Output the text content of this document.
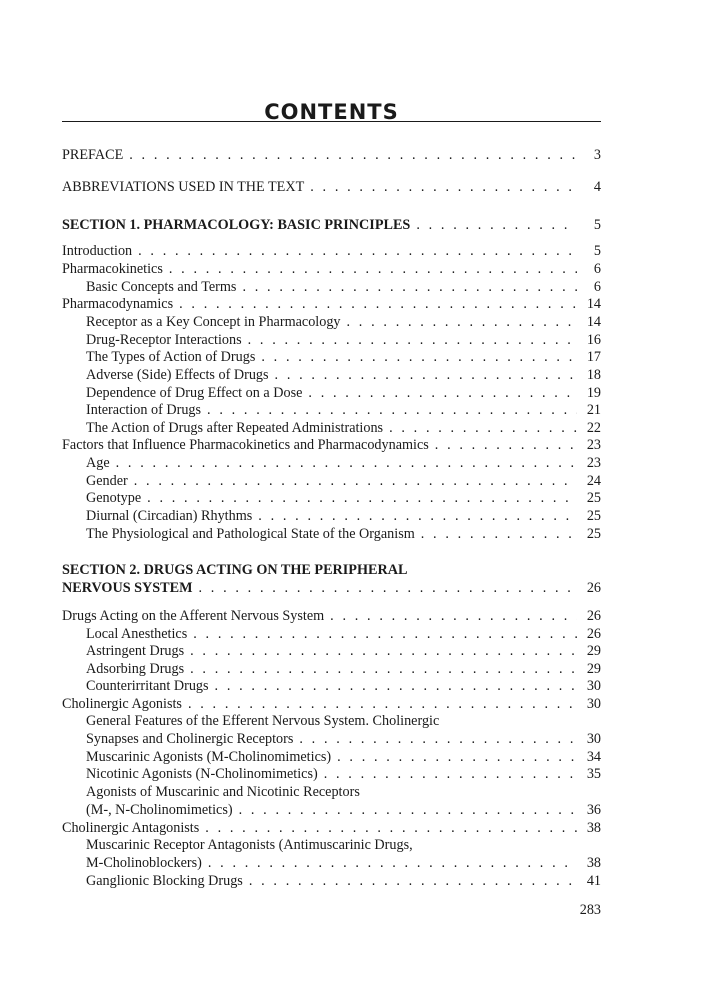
CONTENTS
PREFACE . . .	3
ABBREVIATIONS USED IN THE TEXT . . .	4
SECTION 1. PHARMACOLOGY: BASIC PRINCIPLES . . .	5
Introduction . . .	5
Pharmacokinetics . . .	6
Basic Concepts and Terms . . .	6
Pharmacodynamics . . .	14
Receptor as a Key Concept in Pharmacology . . .	14
Drug-Receptor Interactions . . .	16
The Types of Action of Drugs . . .	17
Adverse (Side) Effects of Drugs . . .	18
Dependence of Drug Effect on a Dose . . .	19
Interaction of Drugs . . .	21
The Action of Drugs after Repeated Administrations . . .	22
Factors that Influence Pharmacokinetics and Pharmacodynamics . . .	23
Age . . .	23
Gender . . .	24
Genotype . . .	25
Diurnal (Circadian) Rhythms . . .	25
The Physiological and Pathological State of the Organism . . .	25
SECTION 2. DRUGS ACTING ON THE PERIPHERAL
NERVOUS SYSTEM . . .	26
Drugs Acting on the Afferent Nervous System . . .	26
Local Anesthetics . . .	26
Astringent Drugs . . .	29
Adsorbing Drugs . . .	29
Counterirritant Drugs . . .	30
Cholinergic Agonists . . .	30
General Features of the Efferent Nervous System. Cholinergic
Synapses and Cholinergic Receptors . . .	30
Muscarinic Agonists (M-Cholinomimetics) . . .	34
Nicotinic Agonists (N-Cholinomimetics) . . .	35
Agonists of Muscarinic and Nicotinic Receptors
(M-, N-Cholinomimetics) . . .	36
Cholinergic Antagonists . . .	38
Muscarinic Receptor Antagonists (Antimuscarinic Drugs,
M-Cholinoblockers) . . .	38
Ganglionic Blocking Drugs . . .	41
283
